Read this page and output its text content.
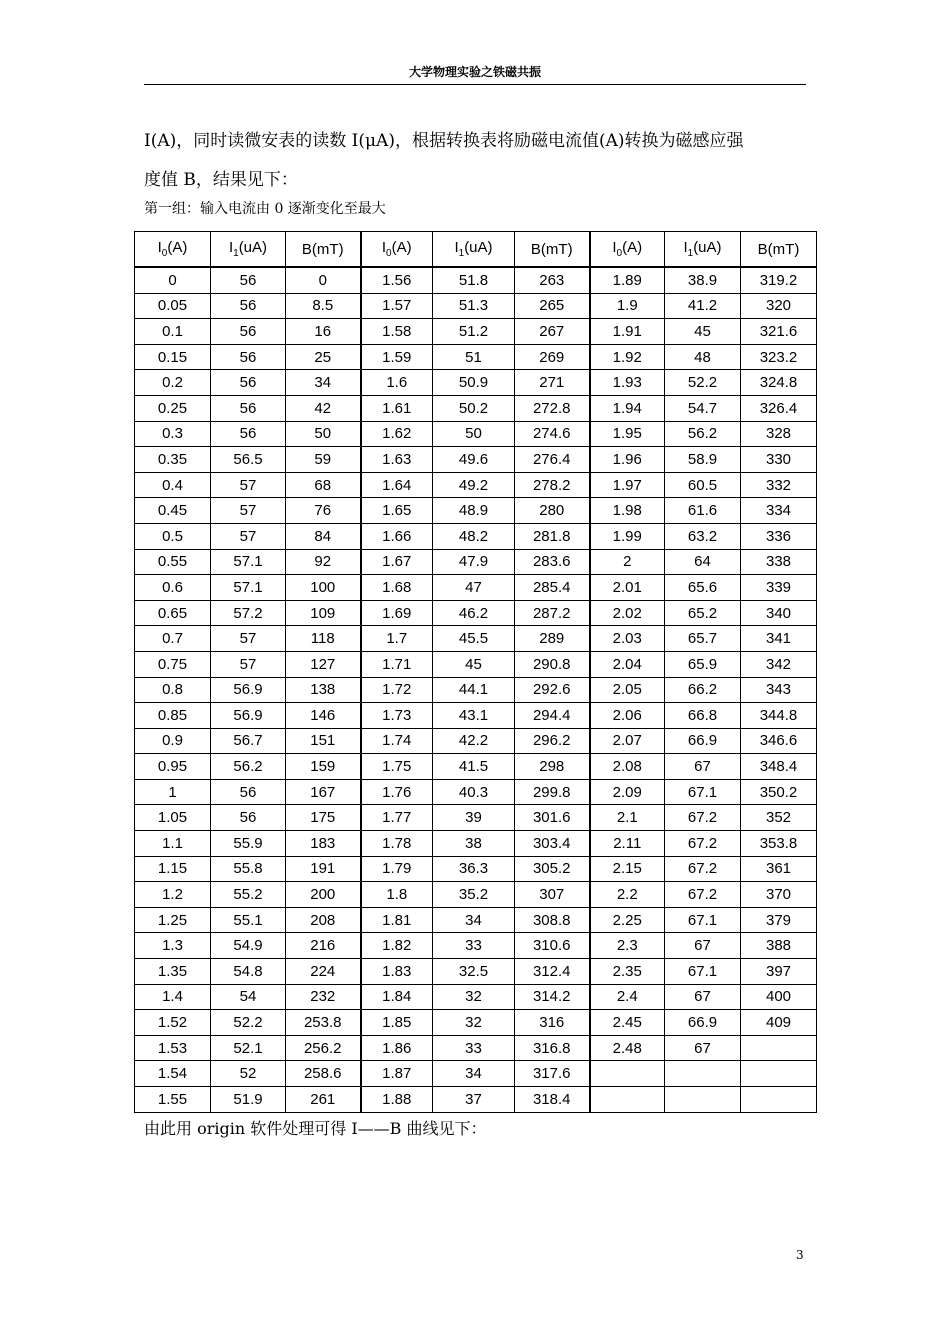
大学物理实验之铁磁共振

I(A)，同时读微安表的读数 I(μA)，根据转换表将励磁电流值(A)转换为磁感应强

度值 B，结果见下：

第一组：输入电流由 0 逐渐变化至最大
$I_0(A)$	$I_1(uA)$	B(mT)	$I_0(A)$	$I_1(uA)$	B(mT)	$I_0(A)$	$I_1(uA)$	B(mT)
0	56	0	1.56	51.8	263	1.89	38.9	319.2
0.05	56	8.5	1.57	51.3	265	1.9	41.2	320
0.1	56	16	1.58	51.2	267	1.91	45	321.6
0.15	56	25	1.59	51	269	1.92	48	323.2
0.2	56	34	1.6	50.9	271	1.93	52.2	324.8
0.25	56	42	1.61	50.2	272.8	1.94	54.7	326.4
0.3	56	50	1.62	50	274.6	1.95	56.2	328
0.35	56.5	59	1.63	49.6	276.4	1.96	58.9	330
0.4	57	68	1.64	49.2	278.2	1.97	60.5	332
0.45	57	76	1.65	48.9	280	1.98	61.6	334
0.5	57	84	1.66	48.2	281.8	1.99	63.2	336
0.55	57.1	92	1.67	47.9	283.6	2	64	338
0.6	57.1	100	1.68	47	285.4	2.01	65.6	339
0.65	57.2	109	1.69	46.2	287.2	2.02	65.2	340
0.7	57	118	1.7	45.5	289	2.03	65.7	341
0.75	57	127	1.71	45	290.8	2.04	65.9	342
0.8	56.9	138	1.72	44.1	292.6	2.05	66.2	343
0.85	56.9	146	1.73	43.1	294.4	2.06	66.8	344.8
0.9	56.7	151	1.74	42.2	296.2	2.07	66.9	346.6
0.95	56.2	159	1.75	41.5	298	2.08	67	348.4
1	56	167	1.76	40.3	299.8	2.09	67.1	350.2
1.05	56	175	1.77	39	301.6	2.1	67.2	352
1.1	55.9	183	1.78	38	303.4	2.11	67.2	353.8
1.15	55.8	191	1.79	36.3	305.2	2.15	67.2	361
1.2	55.2	200	1.8	35.2	307	2.2	67.2	370
1.25	55.1	208	1.81	34	308.8	2.25	67.1	379
1.3	54.9	216	1.82	33	310.6	2.3	67	388
1.35	54.8	224	1.83	32.5	312.4	2.35	67.1	397
1.4	54	232	1.84	32	314.2	2.4	67	400
1.52	52.2	253.8	1.85	32	316	2.45	66.9	409
1.53	52.1	256.2	1.86	33	316.8	2.48	67	
1.54	52	258.6	1.87	34	317.6			
1.55	51.9	261	1.88	37	318.4			
由此用 origin 软件处理可得 I——B 曲线见下：
3
